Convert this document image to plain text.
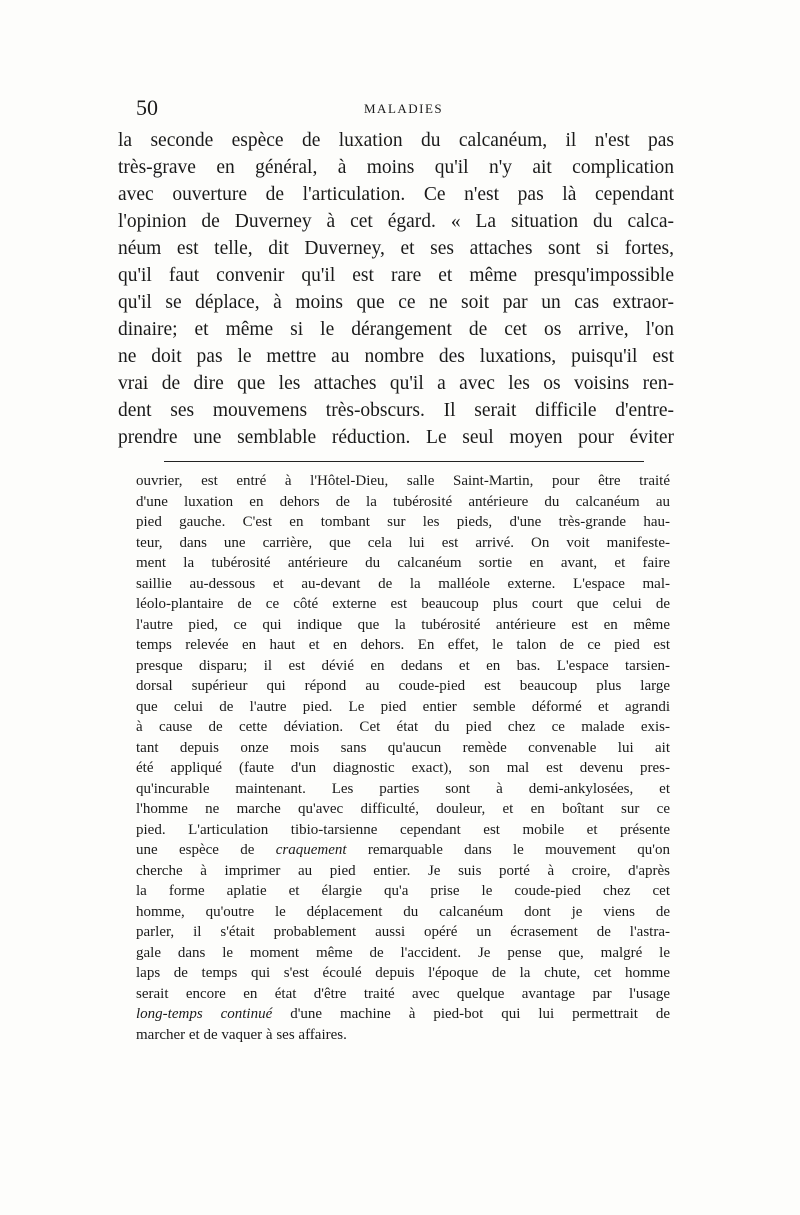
50	MALADIES
la seconde espèce de luxation du calcanéum, il n'est pas
très-grave en général, à moins qu'il n'y ait complication
avec ouverture de l'articulation. Ce n'est pas là cependant
l'opinion de Duverney à cet égard. « La situation du calca-
néum est telle, dit Duverney, et ses attaches sont si fortes,
qu'il faut convenir qu'il est rare et même presqu'impossible
qu'il se déplace, à moins que ce ne soit par un cas extraor-
dinaire; et même si le dérangement de cet os arrive, l'on
ne doit pas le mettre au nombre des luxations, puisqu'il est
vrai de dire que les attaches qu'il a avec les os voisins ren-
dent ses mouvemens très-obscurs. Il serait difficile d'entre-
prendre une semblable réduction. Le seul moyen pour éviter
ouvrier, est entré à l'Hôtel-Dieu, salle Saint-Martin, pour être traité
d'une luxation en dehors de la tubérosité antérieure du calcanéum au
pied gauche. C'est en tombant sur les pieds, d'une très-grande hau-
teur, dans une carrière, que cela lui est arrivé. On voit manifeste-
ment la tubérosité antérieure du calcanéum sortie en avant, et faire
saillie au-dessous et au-devant de la malléole externe. L'espace mal-
léolo-plantaire de ce côté externe est beaucoup plus court que celui de
l'autre pied, ce qui indique que la tubérosité antérieure est en même
temps relevée en haut et en dehors. En effet, le talon de ce pied est
presque disparu; il est dévié en dedans et en bas. L'espace tarsien-
dorsal supérieur qui répond au coude-pied est beaucoup plus large
que celui de l'autre pied. Le pied entier semble déformé et agrandi
à cause de cette déviation. Cet état du pied chez ce malade exis-
tant depuis onze mois sans qu'aucun remède convenable lui ait
été appliqué (faute d'un diagnostic exact), son mal est devenu pres-
qu'incurable maintenant. Les parties sont à demi-ankylosées, et
l'homme ne marche qu'avec difficulté, douleur, et en boîtant sur ce
pied. L'articulation tibio-tarsienne cependant est mobile et présente
une espèce de craquement remarquable dans le mouvement qu'on
cherche à imprimer au pied entier. Je suis porté à croire, d'après
la forme aplatie et élargie qu'a prise le coude-pied chez cet
homme, qu'outre le déplacement du calcanéum dont je viens de
parler, il s'était probablement aussi opéré un écrasement de l'astra-
gale dans le moment même de l'accident. Je pense que, malgré le
laps de temps qui s'est écoulé depuis l'époque de la chute, cet homme
serait encore en état d'être traité avec quelque avantage par l'usage
long-temps continué d'une machine à pied-bot qui lui permettrait de
marcher et de vaquer à ses affaires.
